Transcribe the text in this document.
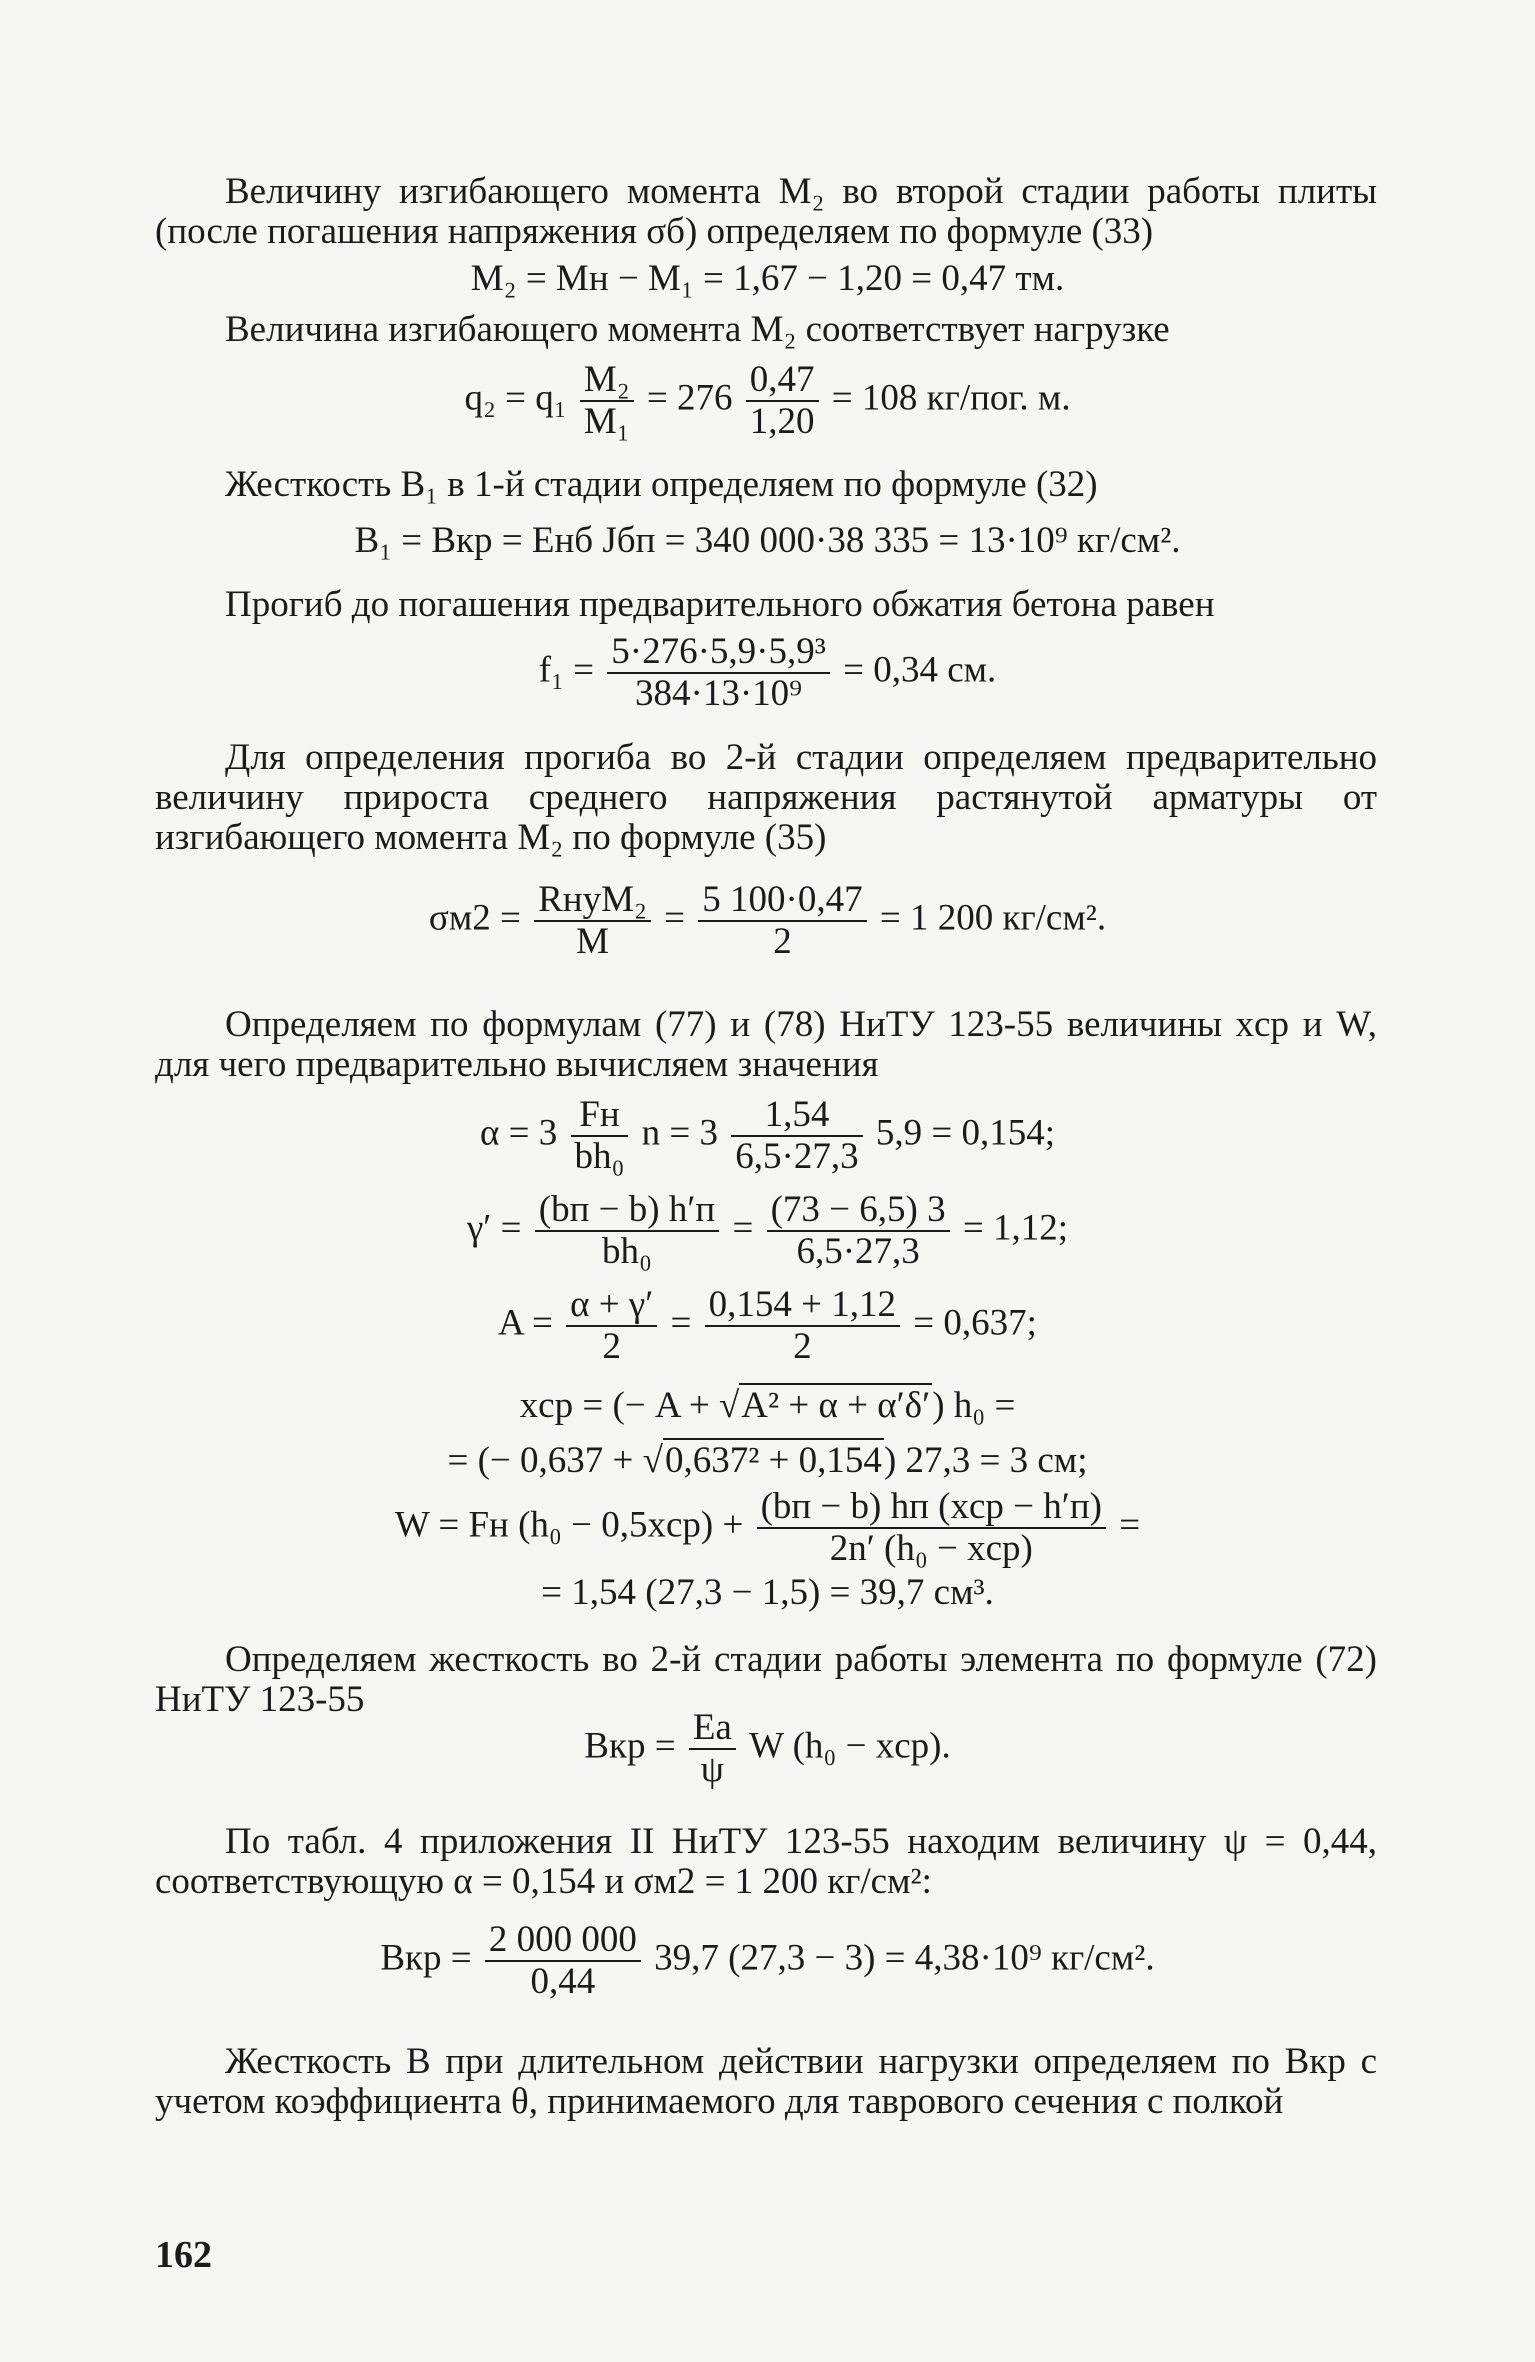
Величину изгибающего момента M₂ во второй стадии работы плиты (после погашения напряжения σб) определяем по формуле (33)

M₂ = Mн − M₁ = 1,67 − 1,20 = 0,47 тм.

Величина изгибающего момента M₂ соответствует нагрузке

$q_2 = q_1 \frac{\text{M₂}}{\text{M₁}} = 276 \frac{0,47}{1,20} = 108$ кг/пог. м.

Жесткость B₁ в 1-й стадии определяем по формуле (32)

B₁ = Bкр = Eнб Jбп = 340 000·38 335 = 13·10⁹ кг/см².

Прогиб до погашения предварительного обжатия бетона равен

$f_1 = \frac{\text{5·276·5,9·5,9³}}{\text{384·13·10⁹}} = 0,34$ см.

Для определения прогиба во 2-й стадии определяем предварительно величину прироста среднего напряжения растянутой арматуры от изгибающего момента M₂ по формуле (35)

σм2 = RнуM₂
M
= $\frac{5 100\cdot 0,47}{2} = 1$ 200 кг/см².

Определяем по формулам (77) и (78) НиТУ 123-55 величины xср и W, для чего предварительно вычисляем значения

α = 3 Fн
bh₀
$n = 3 \frac{1,54}{6,5\cdot 27,3} 5,9 = 0,154$;
γ′ = (bп − b) h′п
bh₀
= $\frac{(73 - 6,5) 3}{6,5\cdot 27,3} = 1,12$;
$A = \frac{\alpha + \gamma'}{2} = \frac{0,154 + 1,12}{2} = 0,637$;
xср = (− A + √A² + α + α′δ′) h₀ =
= (− 0,637 + √0,637² + 0,154) 27,3 = 3 см;
W = Fн (h₀ − 0,5xср) + (bп − b) hп (xср − h′п)
2n′ (h₀ − xср)
=
= 1,54 (27,3 − 1,5) = 39,7 см³.

Определяем жесткость во 2-й стадии работы элемента по формуле (72) НиТУ 123-55

Bкр = Eа
ψ
W (h₀ − xср).

По табл. 4 приложения II НиТУ 123-55 находим величину ψ = 0,44, соответствующую α = 0,154 и σм2 = 1 200 кг/см²:

Bкр = $\frac{2 000 000}{0,44} 39,7$ (27,3 − 3) = 4,38·10⁹ кг/см².

Жесткость B при длительном действии нагрузки определяем по Bкр с учетом коэффициента θ, принимаемого для таврового сечения с полкой

162
